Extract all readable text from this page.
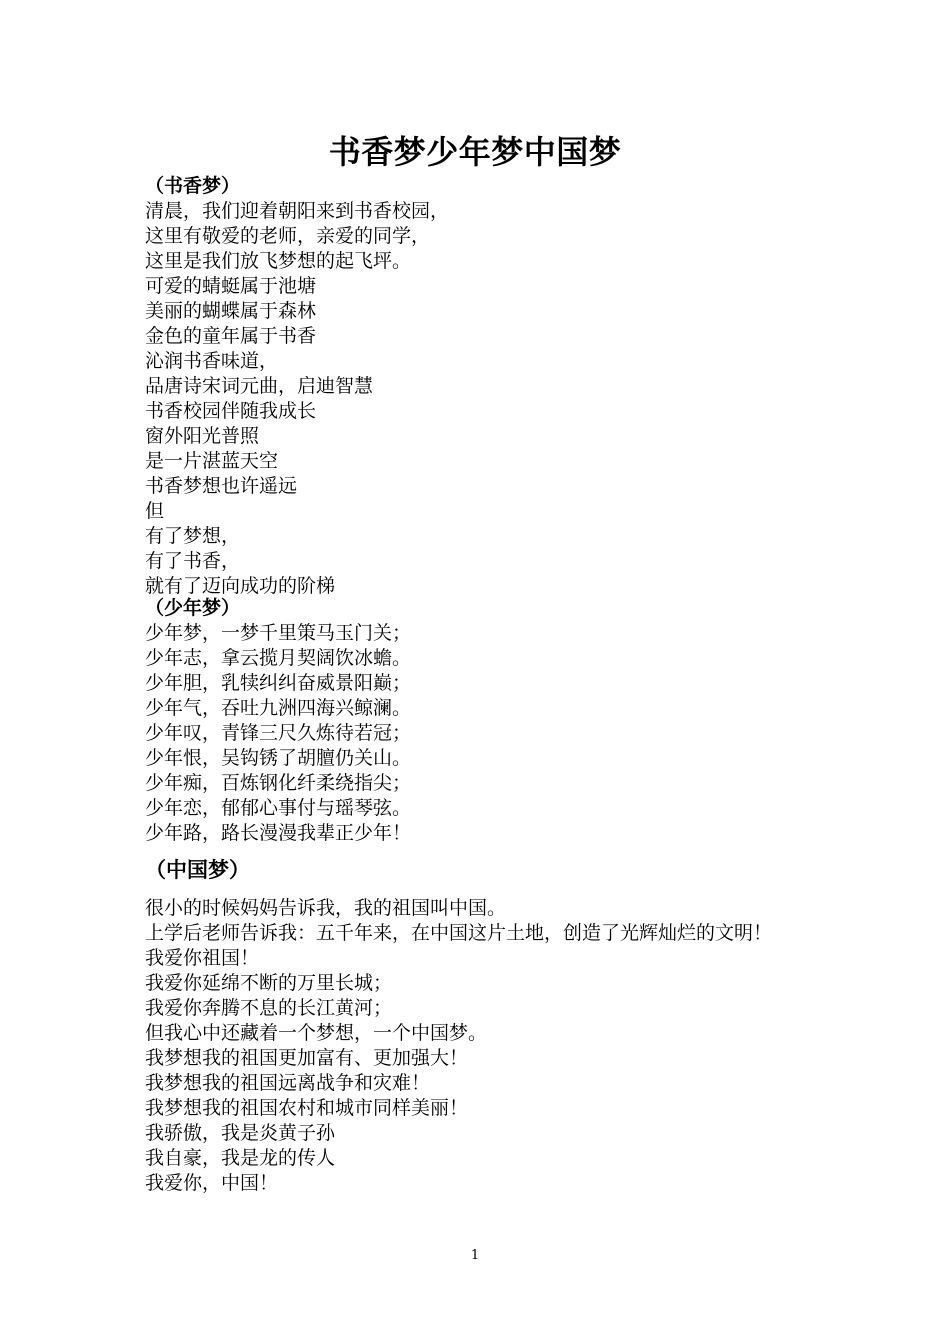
书香梦少年梦中国梦
（书香梦）
清晨，我们迎着朝阳来到书香校园，
这里有敬爱的老师，亲爱的同学，
这里是我们放飞梦想的起飞坪。
可爱的蜻蜓属于池塘
美丽的蝴蝶属于森林
金色的童年属于书香
沁润书香味道，
品唐诗宋词元曲，启迪智慧
书香校园伴随我成长
窗外阳光普照
是一片湛蓝天空
书香梦想也许遥远
但
有了梦想，
有了书香，
就有了迈向成功的阶梯
（少年梦）
少年梦，一梦千里策马玉门关；
少年志，拿云揽月契阔饮冰蟾。
少年胆，乳犊纠纠奋威景阳巅；
少年气，吞吐九洲四海兴鲸澜。
少年叹，青锋三尺久炼待若冠；
少年恨，吴钩锈了胡膻仍关山。
少年痴，百炼钢化纤柔绕指尖；
少年恋，郁郁心事付与瑶琴弦。
少年路，路长漫漫我辈正少年！
（中国梦）
很小的时候妈妈告诉我，我的祖国叫中国。
上学后老师告诉我：五千年来，在中国这片土地，创造了光辉灿烂的文明！
我爱你祖国！
我爱你延绵不断的万里长城；
我爱你奔腾不息的长江黄河；
但我心中还藏着一个梦想，一个中国梦。
我梦想我的祖国更加富有、更加强大！
我梦想我的祖国远离战争和灾难！
我梦想我的祖国农村和城市同样美丽！
我骄傲，我是炎黄子孙
我自豪，我是龙的传人
我爱你，中国！
1
